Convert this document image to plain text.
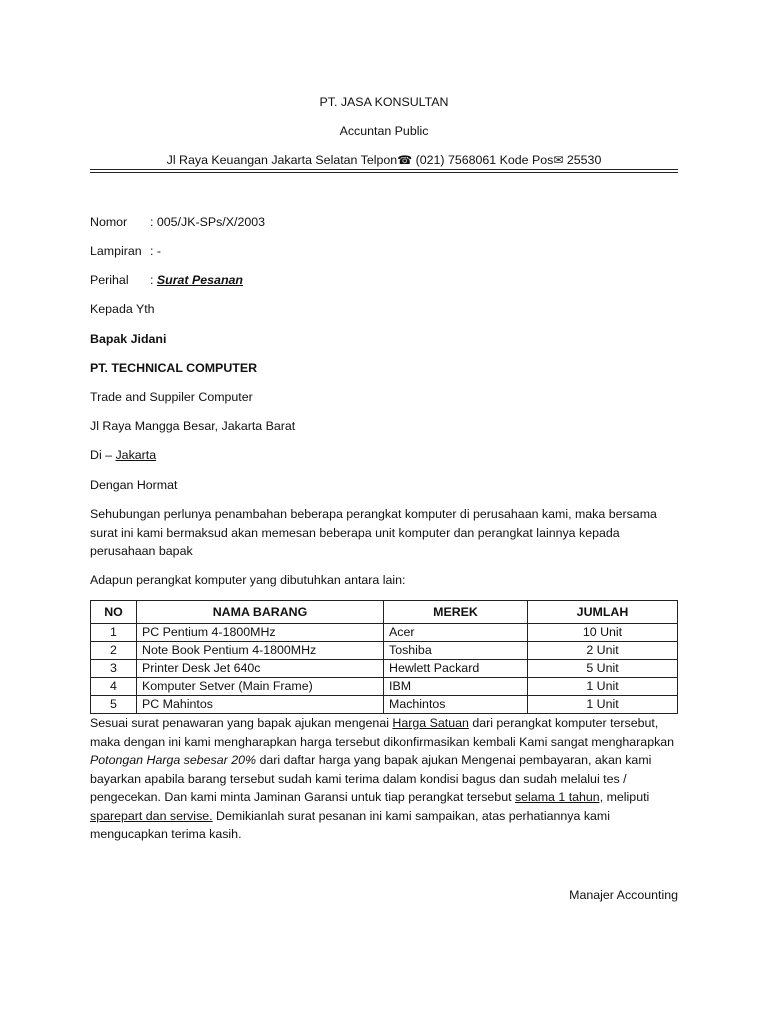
PT. JASA KONSULTAN
Accuntan Public
Jl Raya Keuangan Jakarta Selatan Telpon☎ (021) 7568061 Kode Pos✉ 25530
Nomor : 005/JK-SPs/X/2003
Lampiran : -
Perihal : Surat Pesanan
Kepada Yth
Bapak Jidani
PT. TECHNICAL COMPUTER
Trade and Suppiler Computer
Jl Raya Mangga Besar, Jakarta Barat
Di – Jakarta
Dengan Hormat
Sehubungan perlunya penambahan beberapa perangkat komputer di perusahaan kami, maka bersama surat ini kami bermaksud akan memesan beberapa unit komputer dan perangkat lainnya kepada perusahaan bapak
Adapun perangkat komputer yang dibutuhkan antara lain:
NO	NAMA BARANG	MEREK	JUMLAH
1	PC Pentium 4-1800MHz	Acer	10 Unit
2	Note Book Pentium 4-1800MHz	Toshiba	2 Unit
3	Printer Desk Jet 640c	Hewlett Packard	5 Unit
4	Komputer Setver (Main Frame)	IBM	1 Unit
5	PC Mahintos	Machintos	1 Unit
Sesuai surat penawaran yang bapak ajukan mengenai Harga Satuan dari perangkat komputer tersebut, maka dengan ini kami mengharapkan harga tersebut dikonfirmasikan kembali Kami sangat mengharapkan Potongan Harga sebesar 20% dari daftar harga yang bapak ajukan Mengenai pembayaran, akan kami bayarkan apabila barang tersebut sudah kami terima dalam kondisi bagus dan sudah melalui tes / pengecekan. Dan kami minta Jaminan Garansi untuk tiap perangkat tersebut selama 1 tahun, meliputi sparepart dan servise. Demikianlah surat pesanan ini kami sampaikan, atas perhatiannya kami mengucapkan terima kasih.
Manajer Accounting
